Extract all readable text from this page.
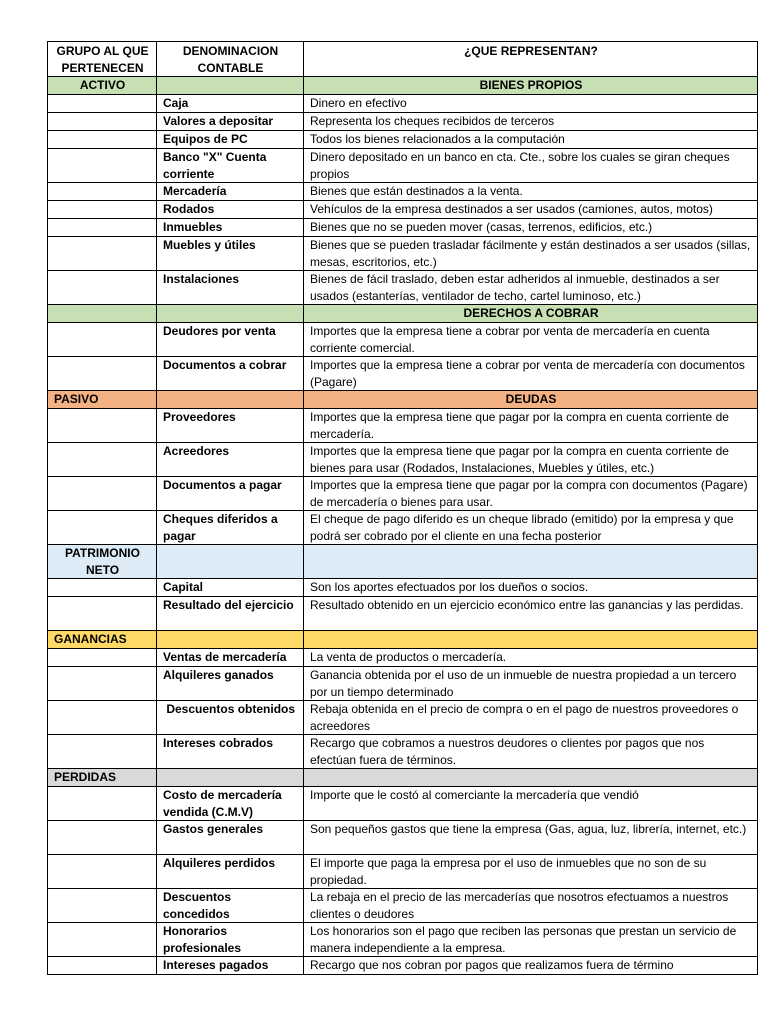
GRUPO AL QUE PERTENECEN	DENOMINACION CONTABLE	¿QUE REPRESENTAN?
ACTIVO		BIENES PROPIOS
	Caja	Dinero en efectivo
	Valores a depositar	Representa los cheques recibidos de terceros
	Equipos de PC	Todos los bienes relacionados a la computación
	Banco "X" Cuenta corriente	Dinero depositado en un banco en cta. Cte., sobre los cuales se giran cheques propios
	Mercadería	Bienes que están destinados a la venta.
	Rodados	Vehículos de la empresa destinados a ser usados (camiones, autos, motos)
	Inmuebles	Bienes que no se pueden mover (casas, terrenos, edificios, etc.)
	Muebles y útiles	Bienes que se pueden trasladar fácilmente y están destinados a ser usados (sillas, mesas, escritorios, etc.)
	Instalaciones	Bienes de fácil traslado, deben estar adheridos al inmueble, destinados a ser usados (estanterías, ventilador de techo, cartel luminoso, etc.)
		DERECHOS A COBRAR
	Deudores por venta	Importes que la empresa tiene a cobrar por venta de mercadería en cuenta corriente comercial.
	Documentos a cobrar	Importes que la empresa tiene a cobrar por venta de mercadería con documentos (Pagare)
PASIVO		DEUDAS
	Proveedores	Importes que la empresa tiene que pagar por la compra en cuenta corriente de mercadería.
	Acreedores	Importes que la empresa tiene que pagar por la compra en cuenta corriente de bienes para usar (Rodados, Instalaciones, Muebles y útiles, etc.)
	Documentos a pagar	Importes que la empresa tiene que pagar por la compra con documentos (Pagare) de mercadería o bienes para usar.
	Cheques diferidos a pagar	El cheque de pago diferido es un cheque librado (emitido) por la empresa y que podrá ser cobrado por el cliente en una fecha posterior
PATRIMONIO NETO		
	Capital	Son los aportes efectuados por los dueños o socios.
	Resultado del ejercicio	Resultado obtenido en un ejercicio económico entre las ganancias y las perdidas.
GANANCIAS		
	Ventas de mercadería	La venta de productos o mercadería.
	Alquileres ganados	Ganancia obtenida por el uso de un inmueble de nuestra propiedad a un tercero por un tiempo determinado
	Descuentos obtenidos	Rebaja obtenida en el precio de compra o en el pago de nuestros proveedores o acreedores
	Intereses cobrados	Recargo que cobramos a nuestros deudores o clientes por pagos que nos efectúan fuera de términos.
PERDIDAS		
	Costo de mercadería vendida (C.M.V)	Importe que le costó al comerciante la mercadería que vendió
	Gastos generales	Son pequeños gastos que tiene la empresa (Gas, agua, luz, librería, internet, etc.)
	Alquileres perdidos	El importe que paga la empresa por el uso de inmuebles que no son de su propiedad.
	Descuentos concedidos	La rebaja en el precio de las mercaderías que nosotros efectuamos a nuestros clientes o deudores
	Honorarios profesionales	Los honorarios son el pago que reciben las personas que prestan un servicio de manera independiente a la empresa.
	Intereses pagados	Recargo que nos cobran por pagos que realizamos fuera de término
